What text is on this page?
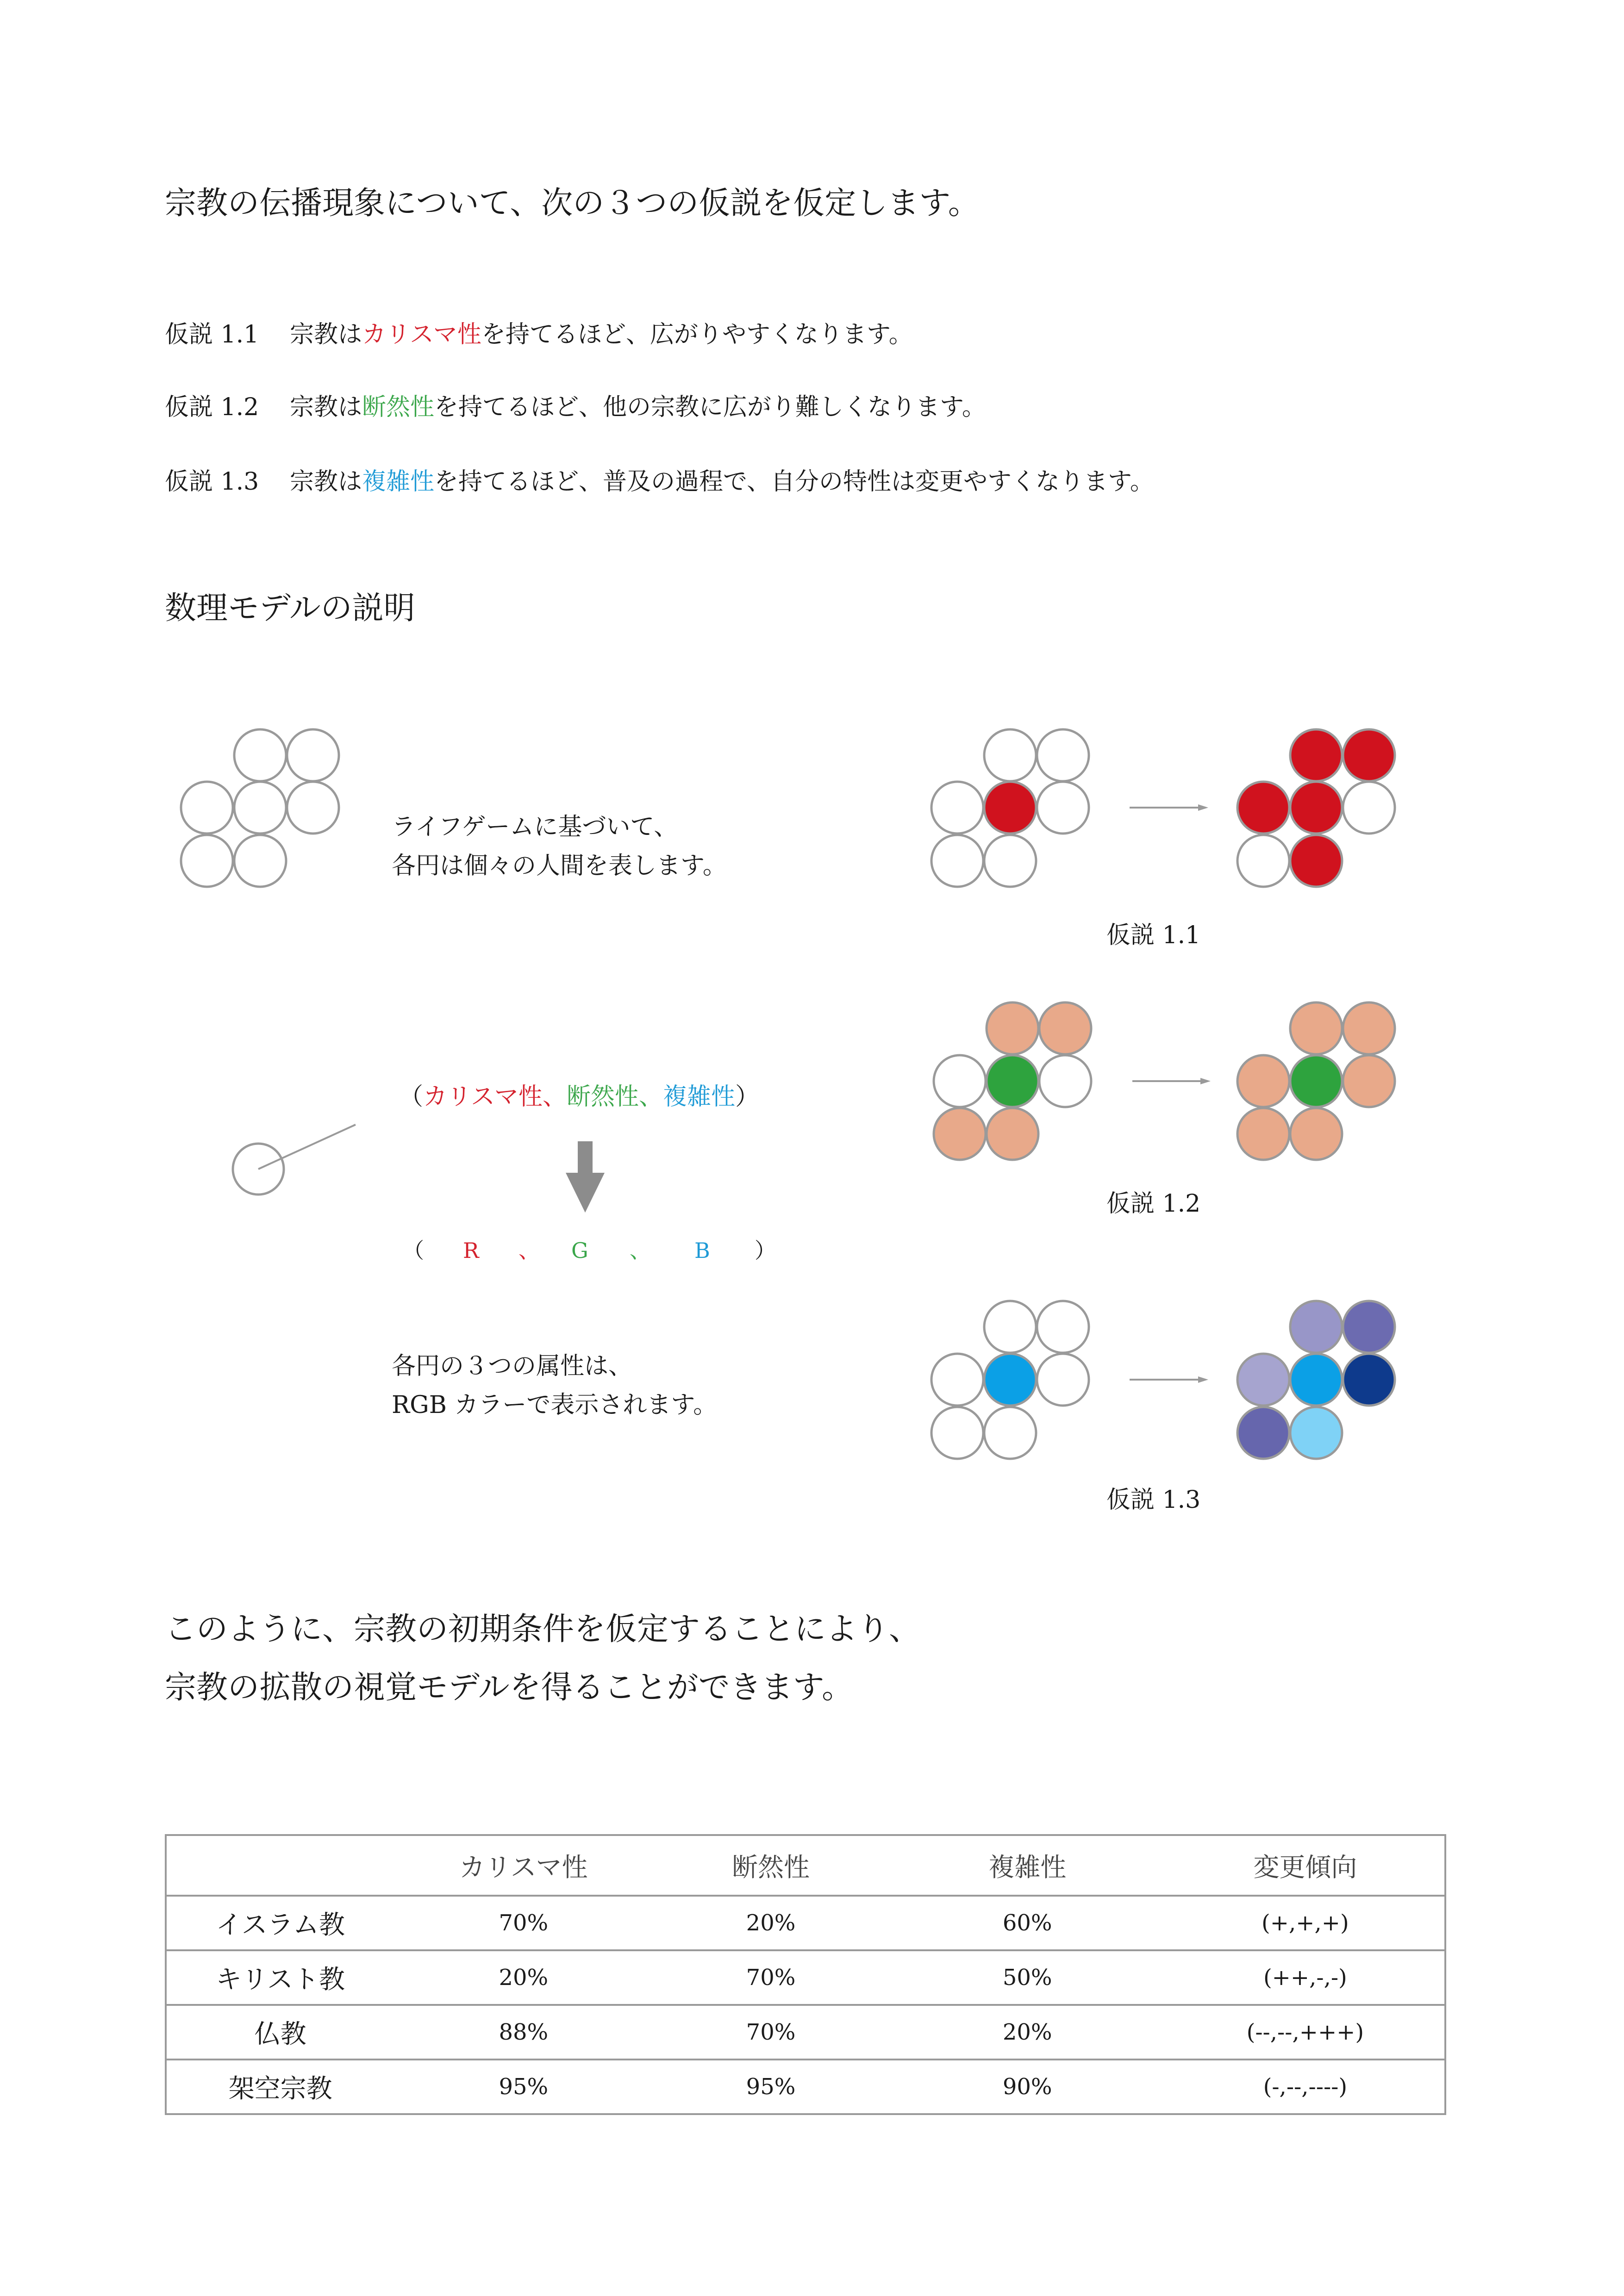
宗教の伝播現象について、次の３つの仮説を仮定します。
仮説 1.1 宗教はカリスマ性を持てるほど、広がりやすくなります。
仮説 1.2 宗教は断然性を持てるほど、他の宗教に広がり難しくなります。
仮説 1.3 宗教は複雑性を持てるほど、普及の過程で、自分の特性は変更やすくなります。
数理モデルの説明
ライフゲームに基づいて、
各円は個々の人間を表します。
（カリスマ性、断然性、複雑性）
（ R 、 G 、 B ）
各円の３つの属性は、
RGB カラーで表示されます。
仮説 1.1
仮説 1.2
仮説 1.3
このように、宗教の初期条件を仮定することにより、
宗教の拡散の視覚モデルを得ることができます。
	カリスマ性	断然性	複雑性	変更傾向
イスラム教	70%	20%	60%	(+,+,+)
キリスト教	20%	70%	50%	(++,-,-)
仏教	88%	70%	20%	(--,--,+++)
架空宗教	95%	95%	90%	(-,--,----)
